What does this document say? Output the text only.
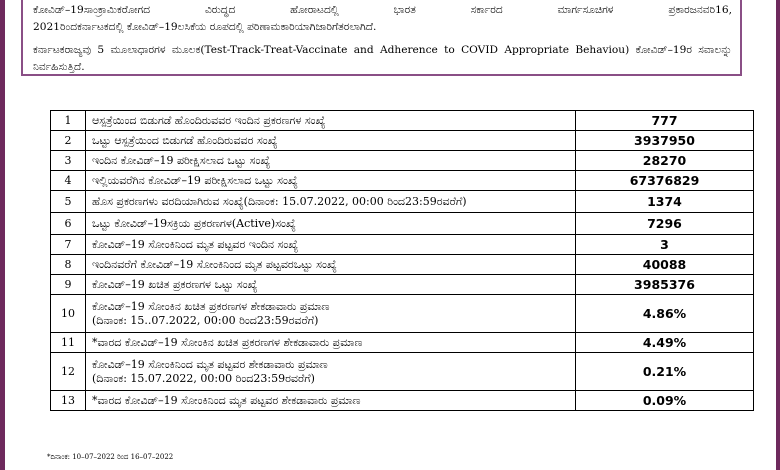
ಕೋವಿಡ್–19ಸಾಂಕ್ರಾಮಿಕರೋಗದ ವಿರುದ್ಧದ ಹೋರಾಟದಲ್ಲಿ ಭಾರತ ಸರ್ಕಾರದ ಮಾರ್ಗಸೂಚಿಗಳ ಪ್ರಕಾರಜನವರಿ16,

2021ರಿಂದಕರ್ನಾಟಕದಲ್ಲಿ ಕೋವಿಡ್–19ಲಸಿಕೆಯ ರೂಪದಲ್ಲಿ ಪರಿಣಾಮಕಾರಿಯಾಗಿಜಾರಿಗೆತರಲಾಗಿದೆ.

ಕರ್ನಾಟಕರಾಜ್ಯವು 5 ಮೂಲಾಧಾರಗಳ ಮೂಲಕ(Test-Track-Treat-Vaccinate and Adherence to COVID Appropriate Behaviou) ಕೋವಿಡ್–19ರ ಸವಾಲನ್ನು ನಿರ್ವಹಿಸುತ್ತಿದೆ.

1	ಆಸ್ಪತ್ರೆಯಿಂದ ಬಿಡುಗಡೆ ಹೊಂದಿರುವವರ ಇಂದಿನ ಪ್ರಕರಣಗಳ ಸಂಖ್ಯೆ	777
2	ಒಟ್ಟು ಆಸ್ಪತ್ರೆಯಿಂದ ಬಿಡುಗಡೆ ಹೊಂದಿರುವವರ ಸಂಖ್ಯೆ	3937950
3	ಇಂದಿನ ಕೋವಿಡ್–19 ಪರೀಕ್ಷಿಸಲಾದ ಒಟ್ಟು ಸಂಖ್ಯೆ	28270
4	ಇಲ್ಲಿಯವರೆಗಿನ ಕೋವಿಡ್–19 ಪರೀಕ್ಷಿಸಲಾದ ಒಟ್ಟು ಸಂಖ್ಯೆ	67376829
5	ಹೊಸ ಪ್ರಕರಣಗಳು ವರದಿಯಾಗಿರುವ ಸಂಖ್ಯೆ(ದಿನಾಂಕ: 15.07.2022, 00:00 ರಿಂದ23:59ರವರೆಗೆ)	1374
6	ಒಟ್ಟು ಕೋವಿಡ್–19ಸಕ್ರಿಯ ಪ್ರಕರಣಗಳ(Active)ಸಂಖ್ಯೆ	7296
7	ಕೋವಿಡ್–19 ಸೋಂಕಿನಿಂದ ಮೃತ ಪಟ್ಟವರ ಇಂದಿನ ಸಂಖ್ಯೆ	3
8	ಇಂದಿನವರೆಗೆ ಕೋವಿಡ್–19 ಸೋಂಕಿನಿಂದ ಮೃತ ಪಟ್ಟವರಒಟ್ಟು ಸಂಖ್ಯೆ	40088
9	ಕೋವಿಡ್–19 ಖಚಿತ ಪ್ರಕರಣಗಳ ಒಟ್ಟು ಸಂಖ್ಯೆ	3985376
10	ಕೋವಿಡ್–19 ಸೋಂಕಿನ ಖಚಿತ ಪ್ರಕರಣಗಳ ಶೇಕಡಾವಾರು ಪ್ರಮಾಣ
(ದಿನಾಂಕ: 15..07.2022, 00:00 ರಿಂದ23:59ರವರೆಗೆ)	4.86%
11	*ವಾರದ ಕೋವಿಡ್–19 ಸೋಂಕಿನ ಖಚಿತ ಪ್ರಕರಣಗಳ ಶೇಕಡಾವಾರು ಪ್ರಮಾಣ	4.49%
12	ಕೋವಿಡ್–19 ಸೋಂಕಿನಿಂದ ಮೃತ ಪಟ್ಟವರ ಶೇಕಡಾವಾರು ಪ್ರಮಾಣ
(ದಿನಾಂಕ: 15.07.2022, 00:00 ರಿಂದ23:59ರವರೆಗೆ)	0.21%
13	*ವಾರದ ಕೋವಿಡ್–19 ಸೋಂಕಿನಿಂದ ಮೃತ ಪಟ್ಟವರ ಶೇಕಡಾವಾರು ಪ್ರಮಾಣ	0.09%
*ದಿನಾಂಕ: 10–07–2022 ರಿಂದ 16–07–2022
